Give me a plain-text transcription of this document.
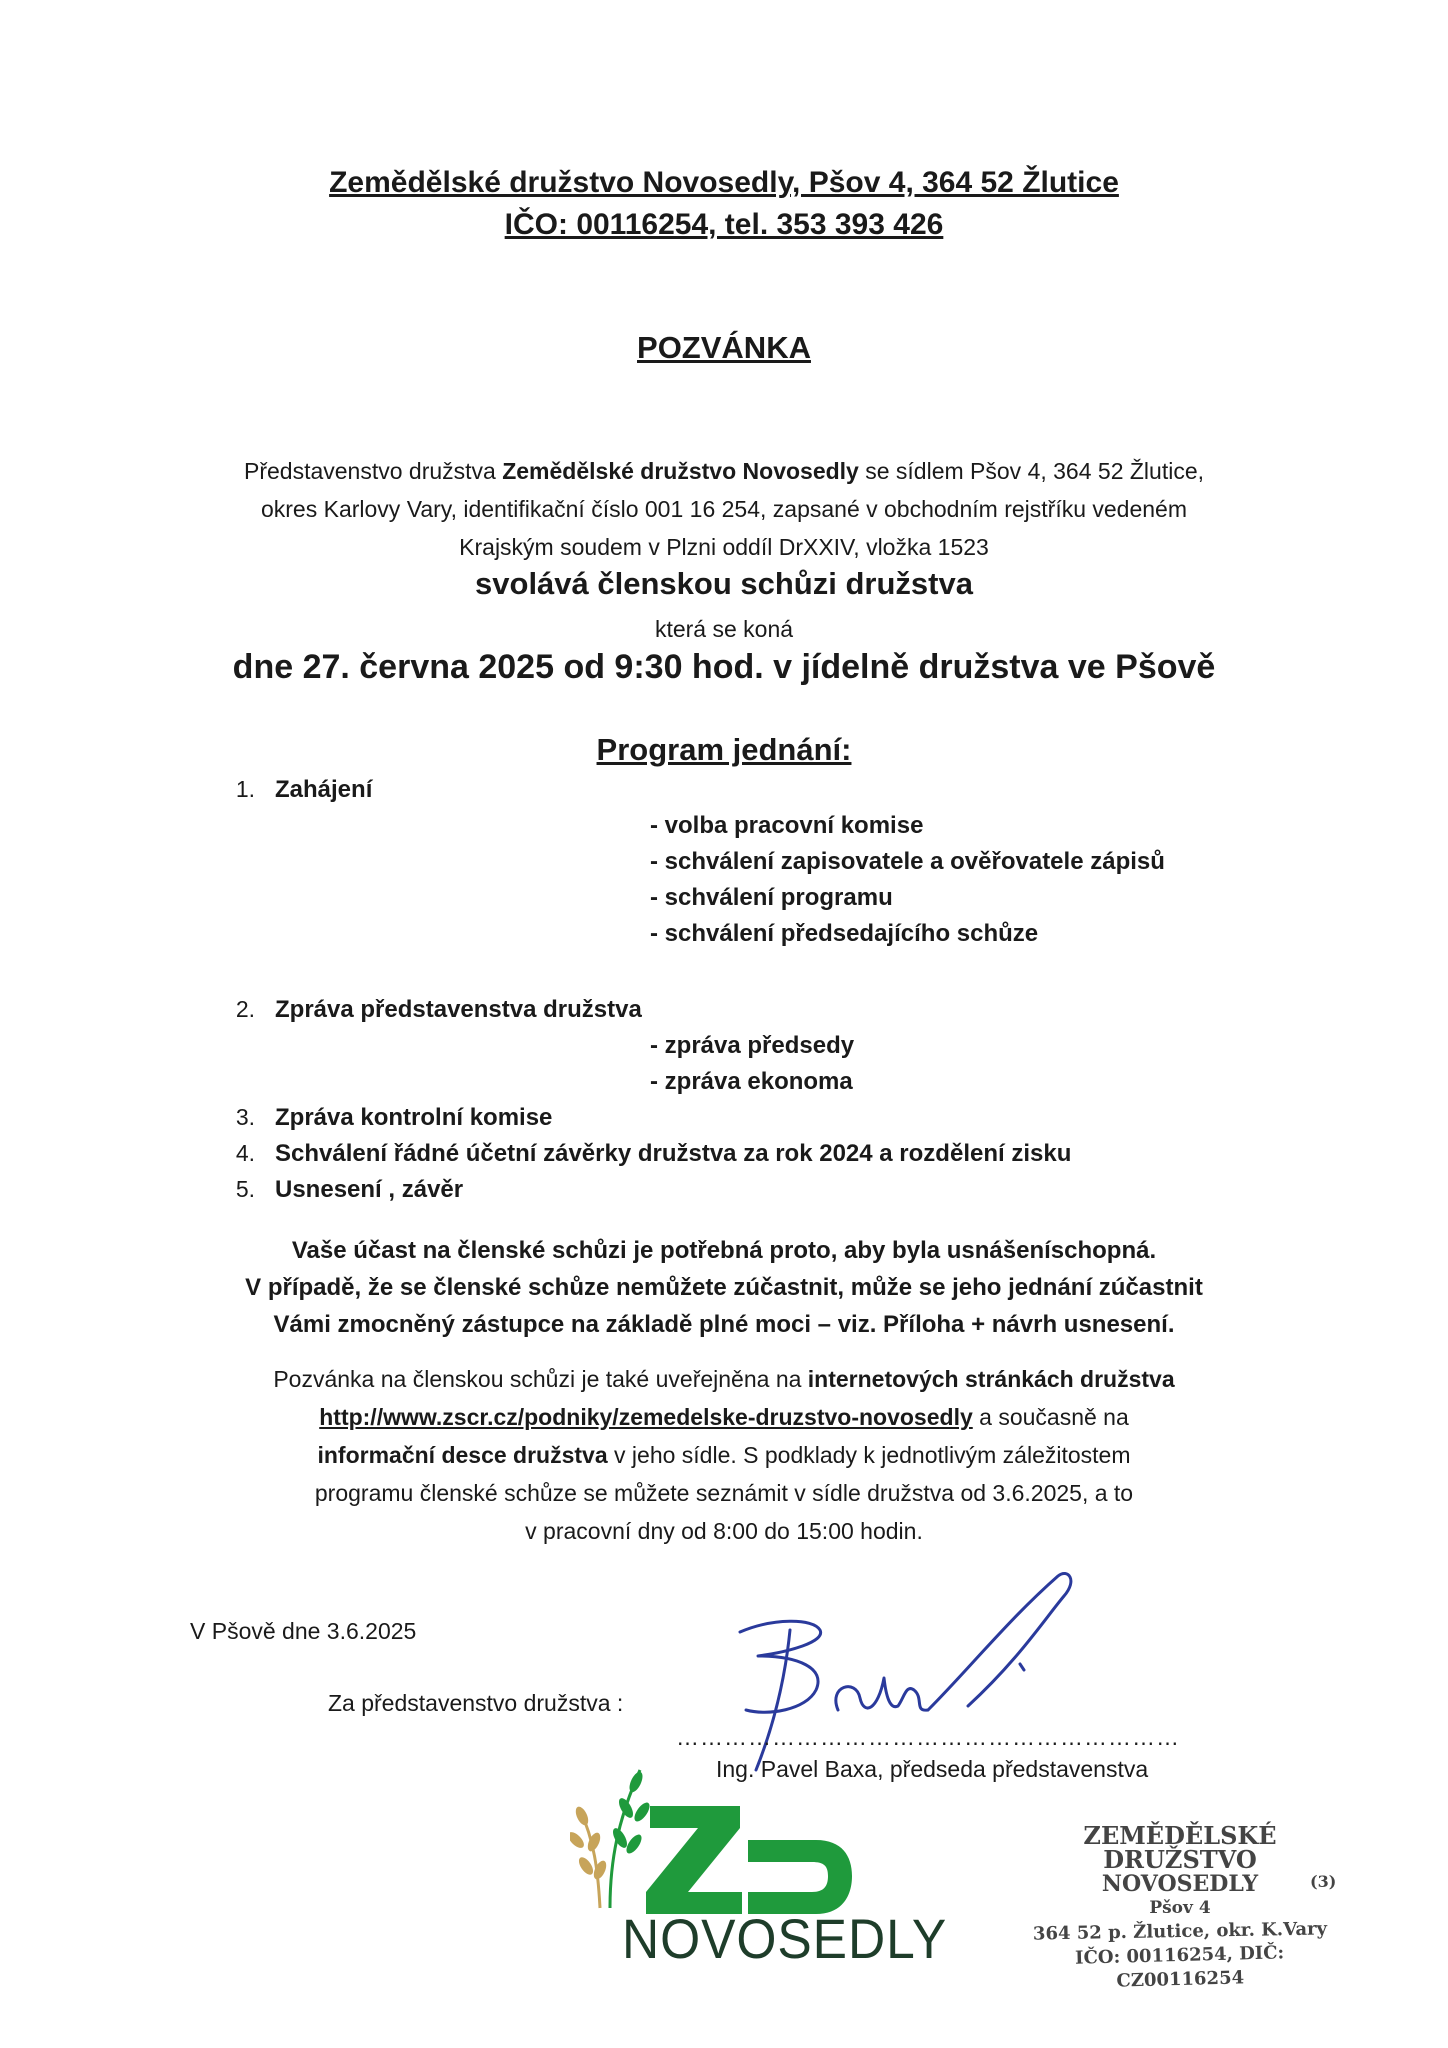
Zemědělské družstvo Novosedly, Pšov 4, 364 52 Žlutice
IČO: 00116254, tel. 353 393 426
POZVÁNKA
Představenstvo družstva Zemědělské družstvo Novosedly se sídlem Pšov 4, 364 52 Žlutice,
okres Karlovy Vary, identifikační číslo 001 16 254, zapsané v obchodním rejstříku vedeném
Krajským soudem v Plzni oddíl DrXXIV, vložka 1523
svolává členskou schůzi družstva
která se koná
dne 27. června 2025 od 9:30 hod. v jídelně družstva ve Pšově
Program jednání:
1. Zahájení
- volba pracovní komise
- schválení zapisovatele a ověřovatele zápisů
- schválení programu
- schválení předsedajícího schůze
2. Zpráva představenstva družstva
- zpráva předsedy
- zpráva ekonoma
3. Zpráva kontrolní komise
4. Schválení řádné účetní závěrky družstva za rok 2024 a rozdělení zisku
5. Usnesení , závěr
Vaše účast na členské schůzi je potřebná proto, aby byla usnášeníschopná.
V případě, že se členské schůze nemůžete zúčastnit, může se jeho jednání zúčastnit
Vámi zmocněný zástupce na základě plné moci – viz. Příloha + návrh usnesení.
Pozvánka na členskou schůzi je také uveřejněna na internetových stránkách družstva
http://www.zscr.cz/podniky/zemedelske-druzstvo-novosedly a současně na
informační desce družstva v jeho sídle. S podklady k jednotlivým záležitostem
programu členské schůze se můžete seznámit v sídle družstva od 3.6.2025, a to
v pracovní dny od 8:00 do 15:00 hodin.
V Pšově dne 3.6.2025
Za představenstvo družstva :
………………………………………………………
Ing. Pavel Baxa, předseda představenstva
NOVOSEDLY
ZEMĚDĚLSKÉ DRUŽSTVO
NOVOSEDLY
Pšov 4
364 52 p. Žlutice, okr. K.Vary
IČO: 00116254, DIČ: CZ00116254
(3)
